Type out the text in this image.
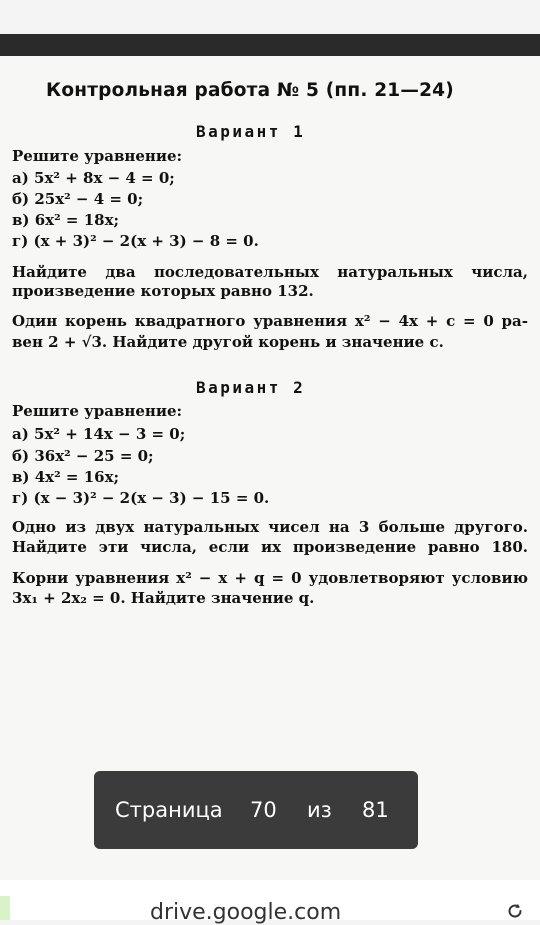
Контрольная работа № 5 (пп. 21—24)
Вариант 1
Решите уравнение:
а) 5x² + 8x − 4 = 0;
б) 25x² − 4 = 0;
в) 6x² = 18x;
г) (x + 3)² − 2(x + 3) − 8 = 0.
Найдите два последовательных натуральных числа,
произведение которых равно 132.
Один корень квадратного уравнения x² − 4x + c = 0 ра-
вен 2 + √3. Найдите другой корень и значение c.
Вариант 2
Решите уравнение:
а) 5x² + 14x − 3 = 0;
б) 36x² − 25 = 0;
в) 4x² = 16x;
г) (x − 3)² − 2(x − 3) − 15 = 0.
Одно из двух натуральных чисел на 3 больше другого.
Найдите эти числа, если их произведение равно 180.
Корни уравнения x² − x + q = 0 удовлетворяют условию
3x₁ + 2x₂ = 0. Найдите значение q.
Страница 70 из 81
drive.google.com
